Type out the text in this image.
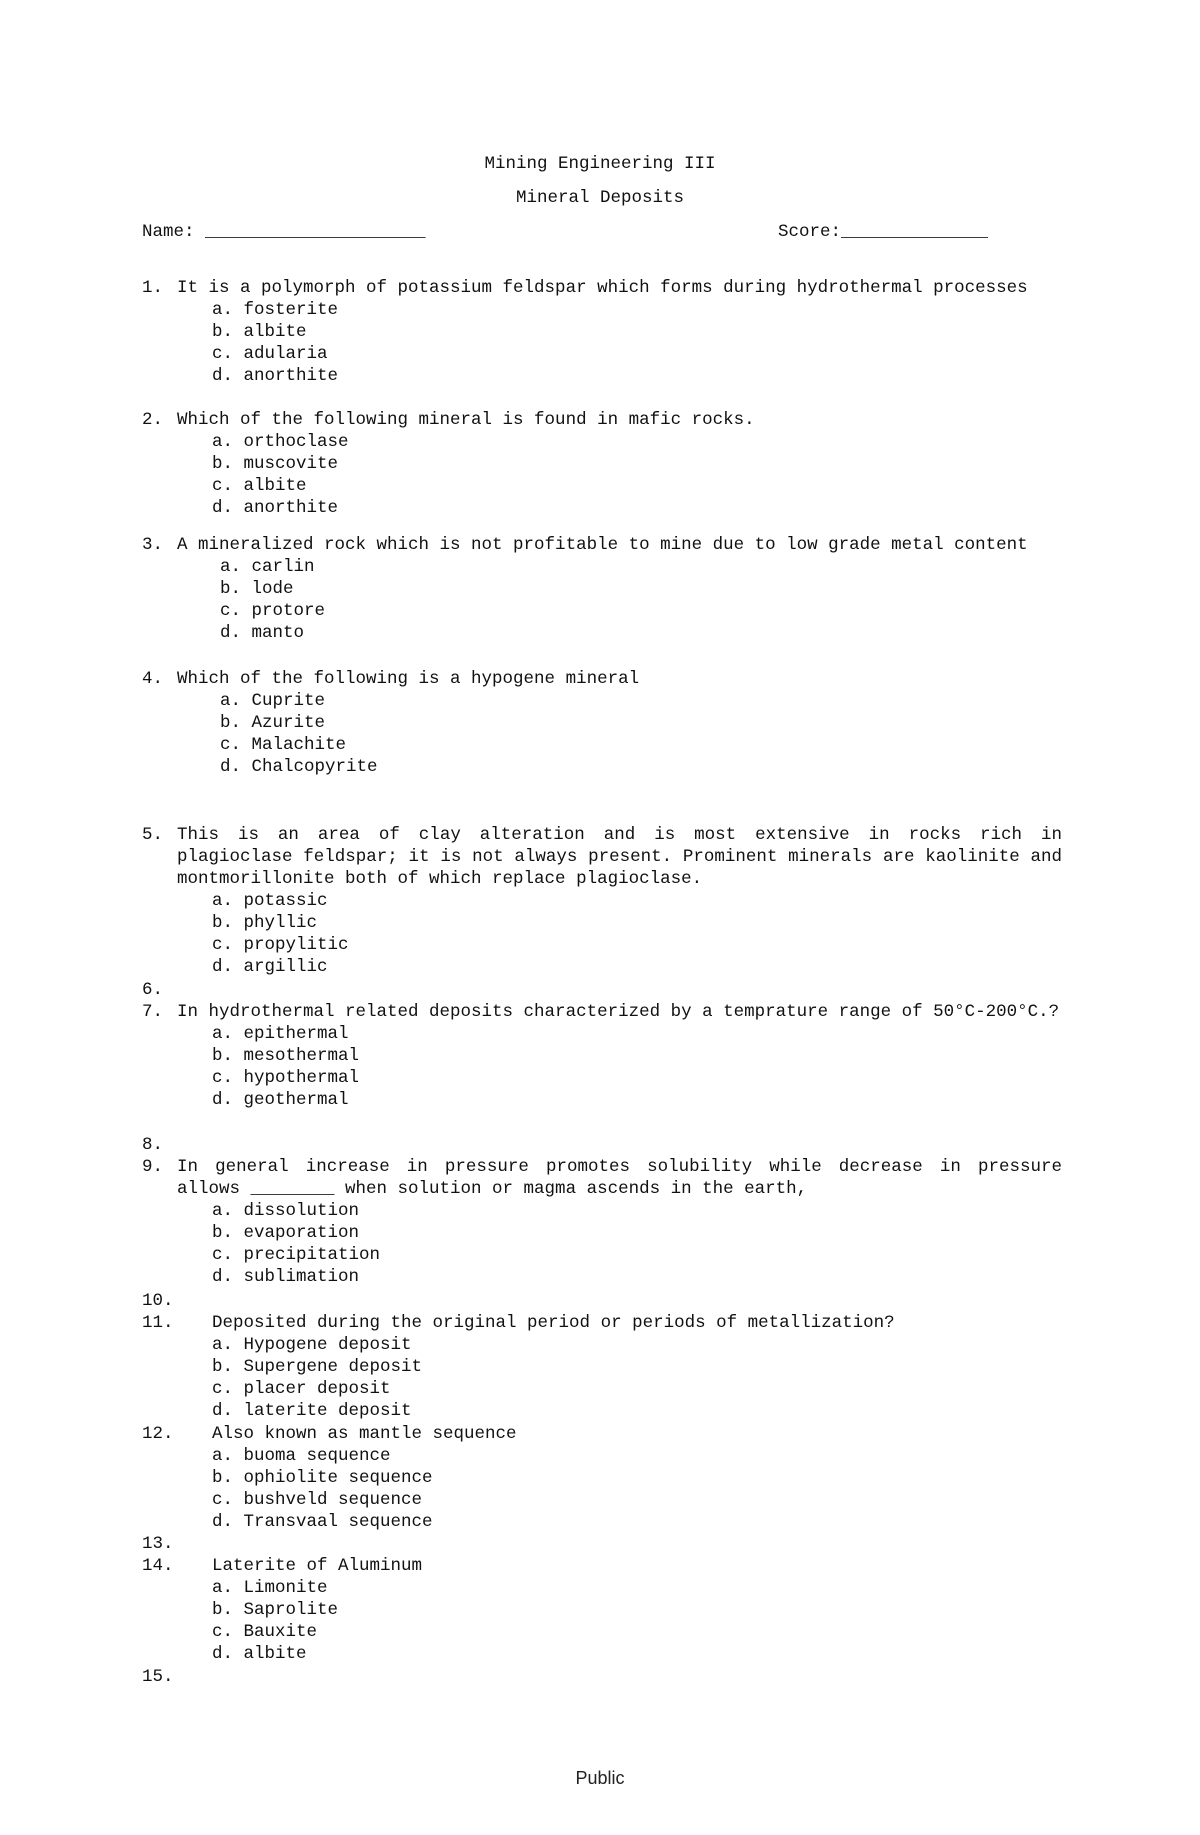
Mining Engineering III
Mineral Deposits
Name: _____________________	Score:______________
1. It is a polymorph of potassium feldspar which forms during hydrothermal processes
a. fosterite
b. albite
c. adularia
d. anorthite
2. Which of the following mineral is found in mafic rocks.
a. orthoclase
b. muscovite
c. albite
d. anorthite
3. A mineralized rock which is not profitable to mine due to low grade metal content
a. carlin
b. lode
c. protore
d. manto
4. Which of the following is a hypogene mineral
a. Cuprite
b. Azurite
c. Malachite
d. Chalcopyrite
5. This is an area of clay alteration and is most extensive in rocks rich in plagioclase feldspar; it is not always present. Prominent minerals are kaolinite and montmorillonite both of which replace plagioclase.
a. potassic
b. phyllic
c. propylitic
d. argillic
6.
7. In hydrothermal related deposits characterized by a temprature range of 50°C-200°C.?
a. epithermal
b. mesothermal
c. hypothermal
d. geothermal
8.
9. In general increase in pressure promotes solubility while decrease in pressure allows ________ when solution or magma ascends in the earth,
a. dissolution
b. evaporation
c. precipitation
d. sublimation
10.
11. Deposited during the original period or periods of metallization?
a. Hypogene deposit
b. Supergene deposit
c. placer deposit
d. laterite deposit
12. Also known as mantle sequence
a. buoma sequence
b. ophiolite sequence
c. bushveld sequence
d. Transvaal sequence
13.
14. Laterite of Aluminum
a. Limonite
b. Saprolite
c. Bauxite
d. albite
15.
Public
